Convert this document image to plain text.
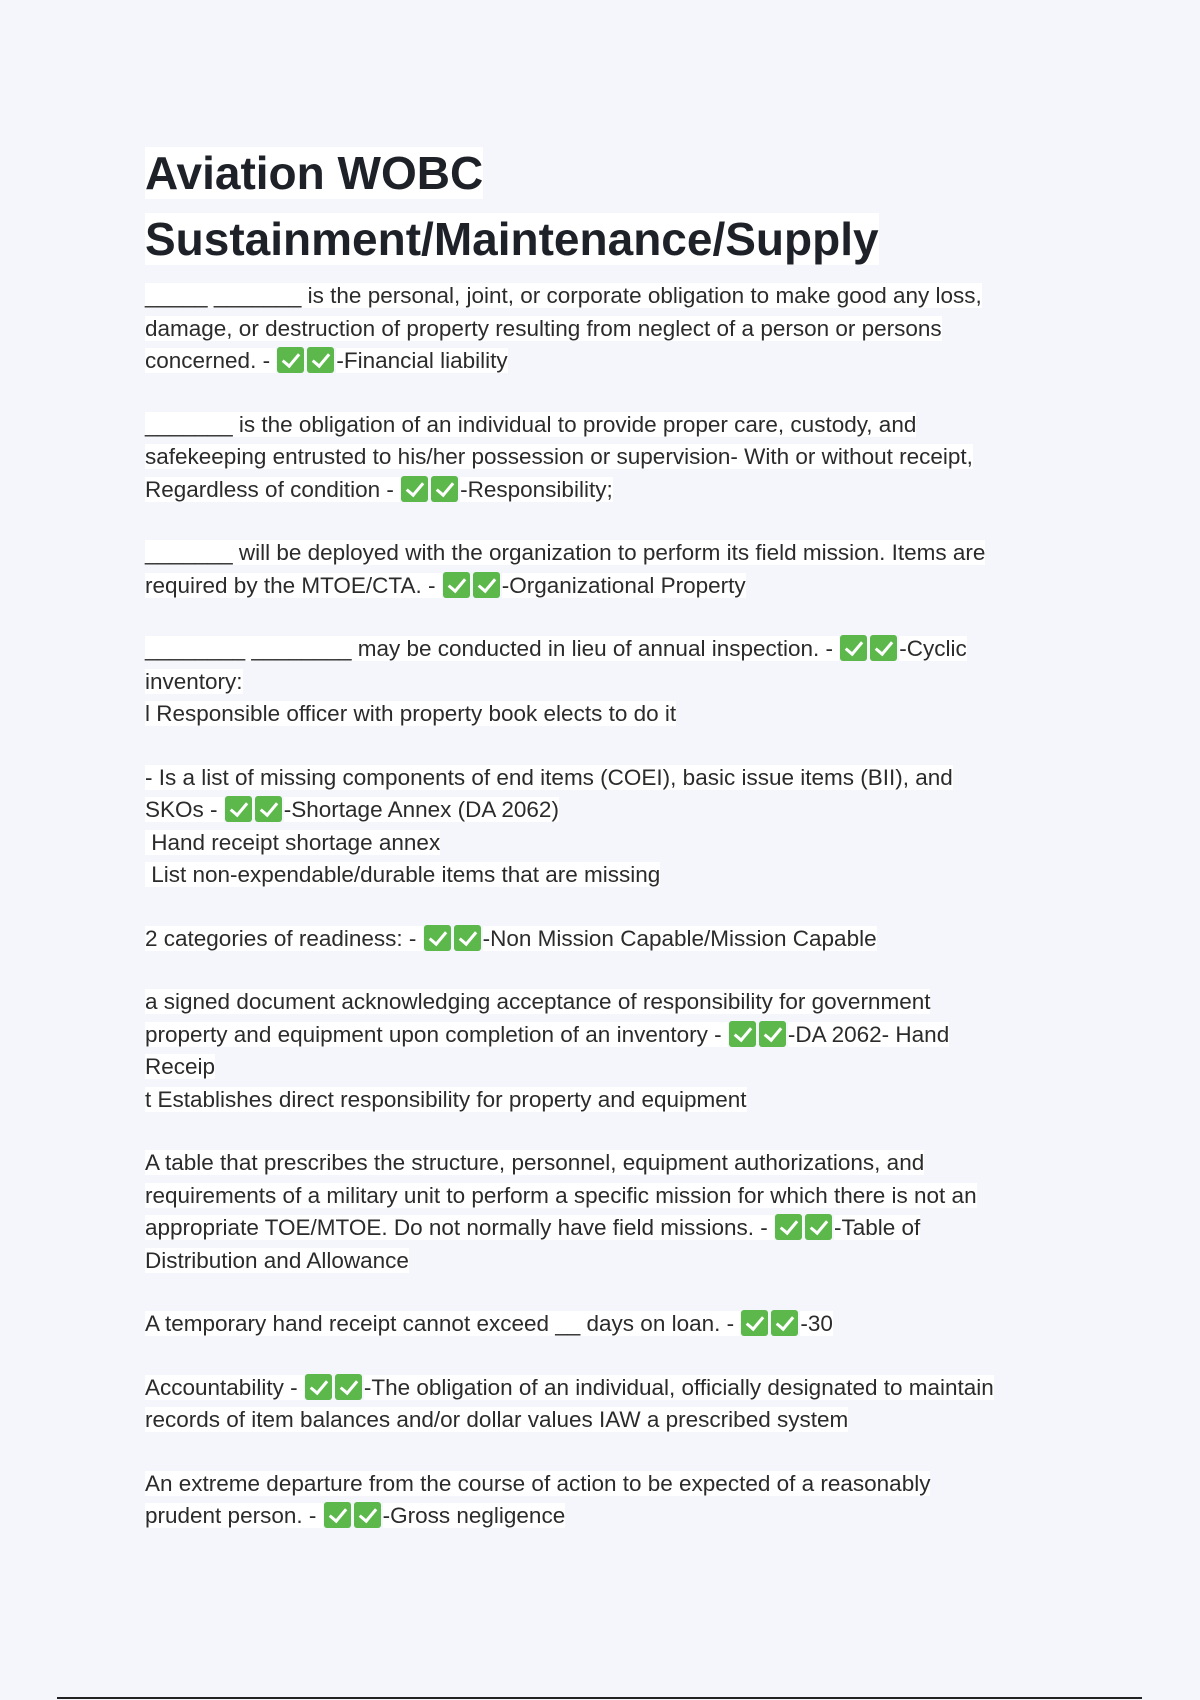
Aviation WOBC
Sustainment/Maintenance/Supply
_____ _______ is the personal, joint, or corporate obligation to make good any loss,
damage, or destruction of property resulting from neglect of a person or persons
concerned. -	-Financial liability
_______ is the obligation of an individual to provide proper care, custody, and
safekeeping entrusted to his/her possession or supervision- With or without receipt,
Regardless of condition -	-Responsibility;
_______ will be deployed with the organization to perform its field mission. Items are
required by the MTOE/CTA. -	-Organizational Property
________ ________ may be conducted in lieu of annual inspection. -	-Cyclic
inventory:
l Responsible officer with property book elects to do it
- Is a list of missing components of end items (COEI), basic issue items (BII), and
SKOs -	-Shortage Annex (DA 2062)
Hand receipt shortage annex
List non-expendable/durable items that are missing
2 categories of readiness: -	-Non Mission Capable/Mission Capable
a signed document acknowledging acceptance of responsibility for government
property and equipment upon completion of an inventory -	-DA 2062- Hand
Receip
t Establishes direct responsibility for property and equipment
A table that prescribes the structure, personnel, equipment authorizations, and
requirements of a military unit to perform a specific mission for which there is not an
appropriate TOE/MTOE. Do not normally have field missions. -	-Table of
Distribution and Allowance
A temporary hand receipt cannot exceed __ days on loan. -	-30
Accountability -	-The obligation of an individual, officially designated to maintain
records of item balances and/or dollar values IAW a prescribed system
An extreme departure from the course of action to be expected of a reasonably
prudent person. -	-Gross negligence
